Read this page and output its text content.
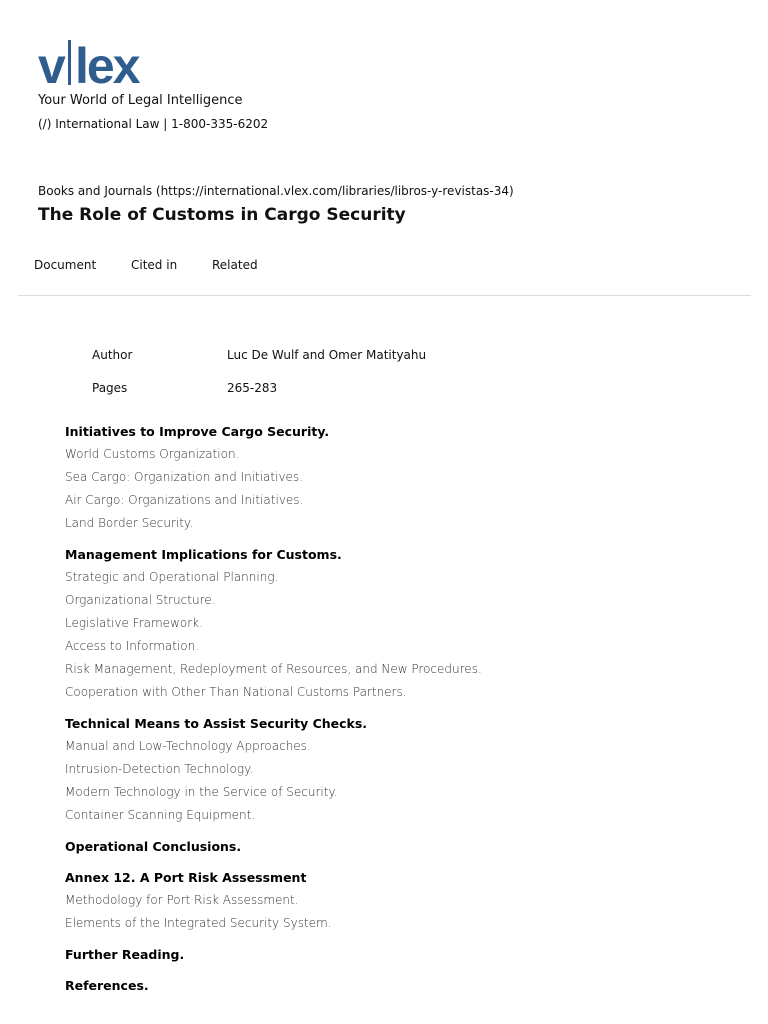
v lex
Your World of Legal Intelligence
(/) International Law | 1-800-335-6202
Books and Journals (https://international.vlex.com/libraries/libros-y-revistas-34)
The Role of Customs in Cargo Security
Document	Cited in	Related
Author	Luc De Wulf and Omer Matityahu
Pages	265-283
Initiatives to Improve Cargo Security.
World Customs Organization.
Sea Cargo: Organization and Initiatives.
Air Cargo: Organizations and Initiatives.
Land Border Security.
Management Implications for Customs.
Strategic and Operational Planning.
Organizational Structure.
Legislative Framework.
Access to Information.
Risk Management, Redeployment of Resources, and New Procedures.
Cooperation with Other Than National Customs Partners.
Technical Means to Assist Security Checks.
Manual and Low-Technology Approaches.
Intrusion-Detection Technology.
Modern Technology in the Service of Security.
Container Scanning Equipment.
Operational Conclusions.
Annex 12. A Port Risk Assessment
Methodology for Port Risk Assessment.
Elements of the Integrated Security System.
Further Reading.
References.
